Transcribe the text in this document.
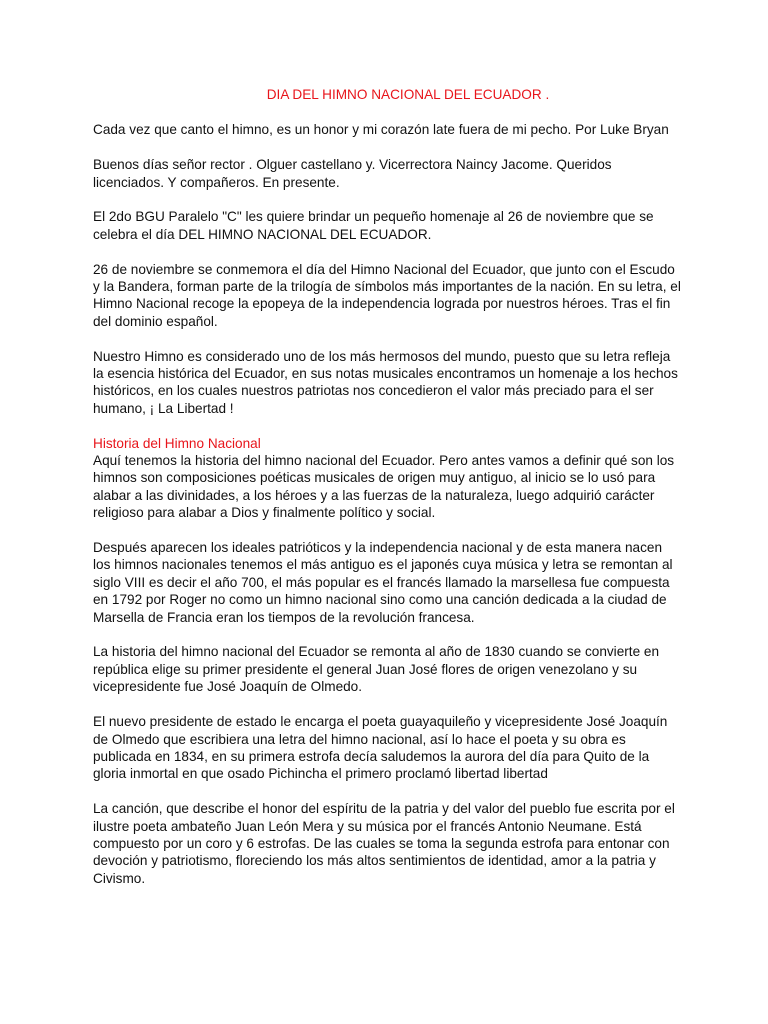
DIA DEL HIMNO NACIONAL DEL ECUADOR .

Cada vez que canto el himno, es un honor y mi corazón late fuera de mi pecho. Por Luke Bryan

Buenos días señor rector . Olguer castellano y. Vicerrectora Naincy Jacome. Queridos licenciados. Y compañeros. En presente.

El 2do BGU Paralelo "C" les quiere brindar un pequeño homenaje al 26 de noviembre que se celebra el día DEL HIMNO NACIONAL DEL ECUADOR.

26 de noviembre se conmemora el día del Himno Nacional del Ecuador, que junto con el Escudo y la Bandera, forman parte de la trilogía de símbolos más importantes de la nación. En su letra, el Himno Nacional recoge la epopeya de la independencia lograda por nuestros héroes. Tras el fin del dominio español.

Nuestro Himno es considerado uno de los más hermosos del mundo, puesto que su letra refleja la esencia histórica del Ecuador, en sus notas musicales encontramos un homenaje a los hechos históricos, en los cuales nuestros patriotas nos concedieron el valor más preciado para el ser humano, ¡ La Libertad !

Historia del Himno Nacional

Aquí tenemos la historia del himno nacional del Ecuador. Pero antes vamos a definir qué son los himnos son composiciones poéticas musicales de origen muy antiguo, al inicio se lo usó para alabar a las divinidades, a los héroes y a las fuerzas de la naturaleza, luego adquirió carácter religioso para alabar a Dios y finalmente político y social.

Después aparecen los ideales patrióticos y la independencia nacional y de esta manera nacen los himnos nacionales tenemos el más antiguo es el japonés cuya música y letra se remontan al siglo VIII es decir el año 700, el más popular es el francés llamado la marsellesa fue compuesta en 1792 por Roger no como un himno nacional sino como una canción dedicada a la ciudad de Marsella de Francia eran los tiempos de la revolución francesa.

La historia del himno nacional del Ecuador se remonta al año de 1830 cuando se convierte en república elige su primer presidente el general Juan José flores de origen venezolano y su vicepresidente fue José Joaquín de Olmedo.

El nuevo presidente de estado le encarga el poeta guayaquileño y vicepresidente José Joaquín de Olmedo que escribiera una letra del himno nacional, así lo hace el poeta y su obra es publicada en 1834, en su primera estrofa decía saludemos la aurora del día para Quito de la gloria inmortal en que osado Pichincha el primero proclamó libertad libertad

La canción, que describe el honor del espíritu de la patria y del valor del pueblo fue escrita por el ilustre poeta ambateño Juan León Mera y su música por el francés Antonio Neumane. Está compuesto por un coro y 6 estrofas. De las cuales se toma la segunda estrofa para entonar con devoción y patriotismo, floreciendo los más altos sentimientos de identidad, amor a la patria y Civismo.
